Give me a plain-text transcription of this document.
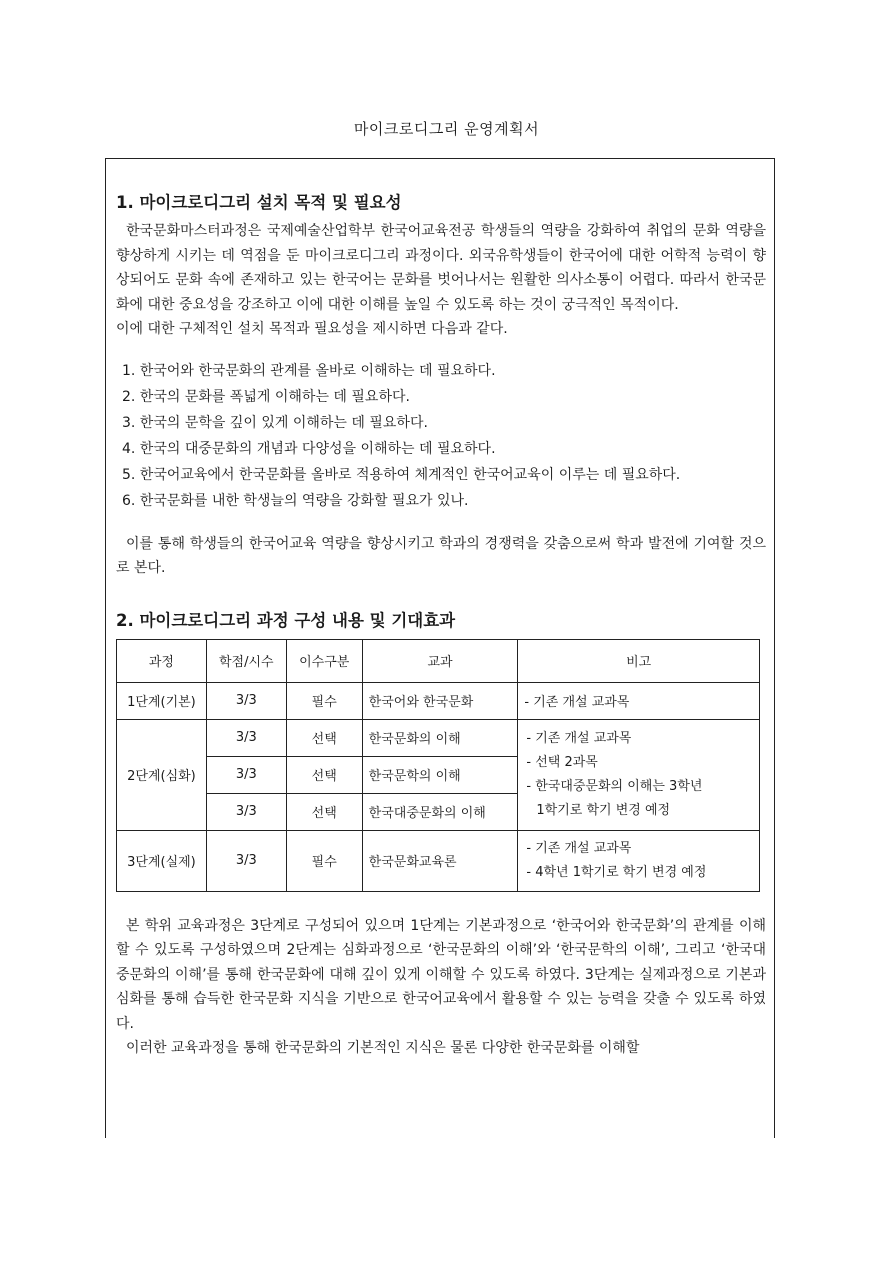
마이크로디그리 운영계획서
1. 마이크로디그리 설치 목적 및 필요성

한국문화마스터과정은 국제예술산업학부 한국어교육전공 학생들의 역량을 강화하여 취업의 문화 역량을 향상하게 시키는 데 역점을 둔 마이크로디그리 과정이다. 외국유학생들이 한국어에 대한 어학적 능력이 향상되어도 문화 속에 존재하고 있는 한국어는 문화를 벗어나서는 원활한 의사소통이 어렵다. 따라서 한국문화에 대한 중요성을 강조하고 이에 대한 이해를 높일 수 있도록 하는 것이 궁극적인 목적이다.

이에 대한 구체적인 설치 목적과 필요성을 제시하면 다음과 같다.

1. 한국어와 한국문화의 관계를 올바로 이해하는 데 필요하다.
2. 한국의 문화를 폭넓게 이해하는 데 필요하다.
3. 한국의 문학을 깊이 있게 이해하는 데 필요하다.
4. 한국의 대중문화의 개념과 다양성을 이해하는 데 필요하다.
5. 한국어교육에서 한국문화를 올바로 적용하여 체계적인 한국어교육이 이루는 데 필요하다.
6. 한국문화를 내한 학생늘의 역량을 강화할 필요가 있나.

이를 통해 학생들의 한국어교육 역량을 향상시키고 학과의 경쟁력을 갖춤으로써 학과 발전에 기여할 것으로 본다.

2. 마이크로디그리 과정 구성 내용 및 기대효과
과정	학점/시수	이수구분	교과	비고
1단계(기본)	3/3	필수	한국어와 한국문화	- 기존 개설 교과목
2단계(심화)	3/3	선택	한국문화의 이해	- 기존 개설 교과목
- 선택 2과목
- 한국대중문화의 이해는 3학년
1학기로 학기 변경 예정

	3/3	선택	한국문학의 이해	
	3/3	선택	한국대중문화의 이해	
3단계(실제)	3/3	필수	한국문화교육론	- 기존 개설 교과목
- 4학년 1학기로 학기 변경 예정

본 학위 교육과정은 3단계로 구성되어 있으며 1단계는 기본과정으로 ‘한국어와 한국문화’의 관계를 이해할 수 있도록 구성하였으며 2단계는 심화과정으로 ‘한국문화의 이해’와 ‘한국문학의 이해’, 그리고 ‘한국대중문화의 이해’를 통해 한국문화에 대해 깊이 있게 이해할 수 있도록 하였다. 3단계는 실제과정으로 기본과 심화를 통해 습득한 한국문화 지식을 기반으로 한국어교육에서 활용할 수 있는 능력을 갖출 수 있도록 하였다.

이러한 교육과정을 통해 한국문화의 기본적인 지식은 물론 다양한 한국문화를 이해할
